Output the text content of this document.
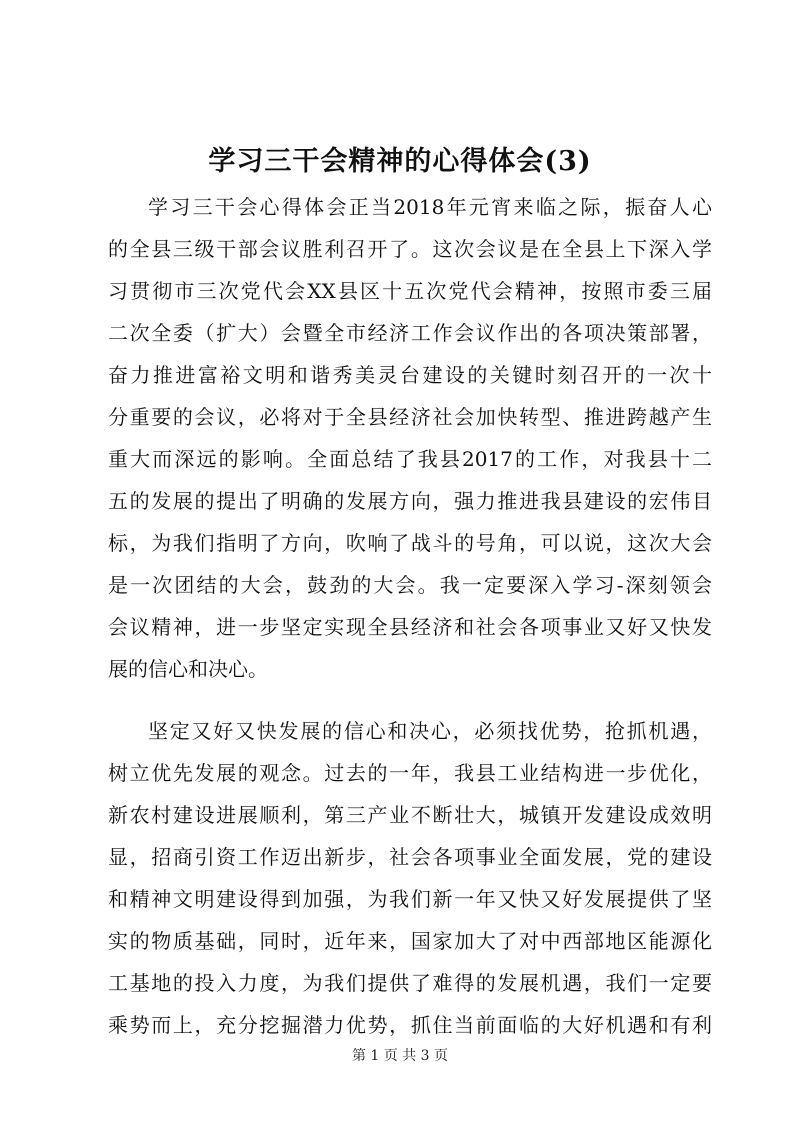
学习三干会精神的心得体会(3)

学习三干会心得体会正当2018年元宵来临之际，振奋人心
的全县三级干部会议胜利召开了。这次会议是在全县上下深入学
习贯彻市三次党代会XX县区十五次党代会精神，按照市委三届
二次全委（扩大）会暨全市经济工作会议作出的各项决策部署，
奋力推进富裕文明和谐秀美灵台建设的关键时刻召开的一次十
分重要的会议，必将对于全县经济社会加快转型、推进跨越产生
重大而深远的影响。全面总结了我县2017的工作，对我县十二
五的发展的提出了明确的发展方向，强力推进我县建设的宏伟目
标，为我们指明了方向，吹响了战斗的号角，可以说，这次大会
是一次团结的大会，鼓劲的大会。我一定要深入学习-深刻领会
会议精神，进一步坚定实现全县经济和社会各项事业又好又快发
展的信心和决心。

坚定又好又快发展的信心和决心，必须找优势，抢抓机遇，
树立优先发展的观念。过去的一年，我县工业结构进一步优化，
新农村建设进展顺利，第三产业不断壮大，城镇开发建设成效明
显，招商引资工作迈出新步，社会各项事业全面发展，党的建设
和精神文明建设得到加强，为我们新一年又快又好发展提供了坚
实的物质基础，同时，近年来，国家加大了对中西部地区能源化
工基地的投入力度，为我们提供了难得的发展机遇，我们一定要
乘势而上，充分挖掘潜力优势，抓住当前面临的大好机遇和有利

第 1 页 共 3 页
